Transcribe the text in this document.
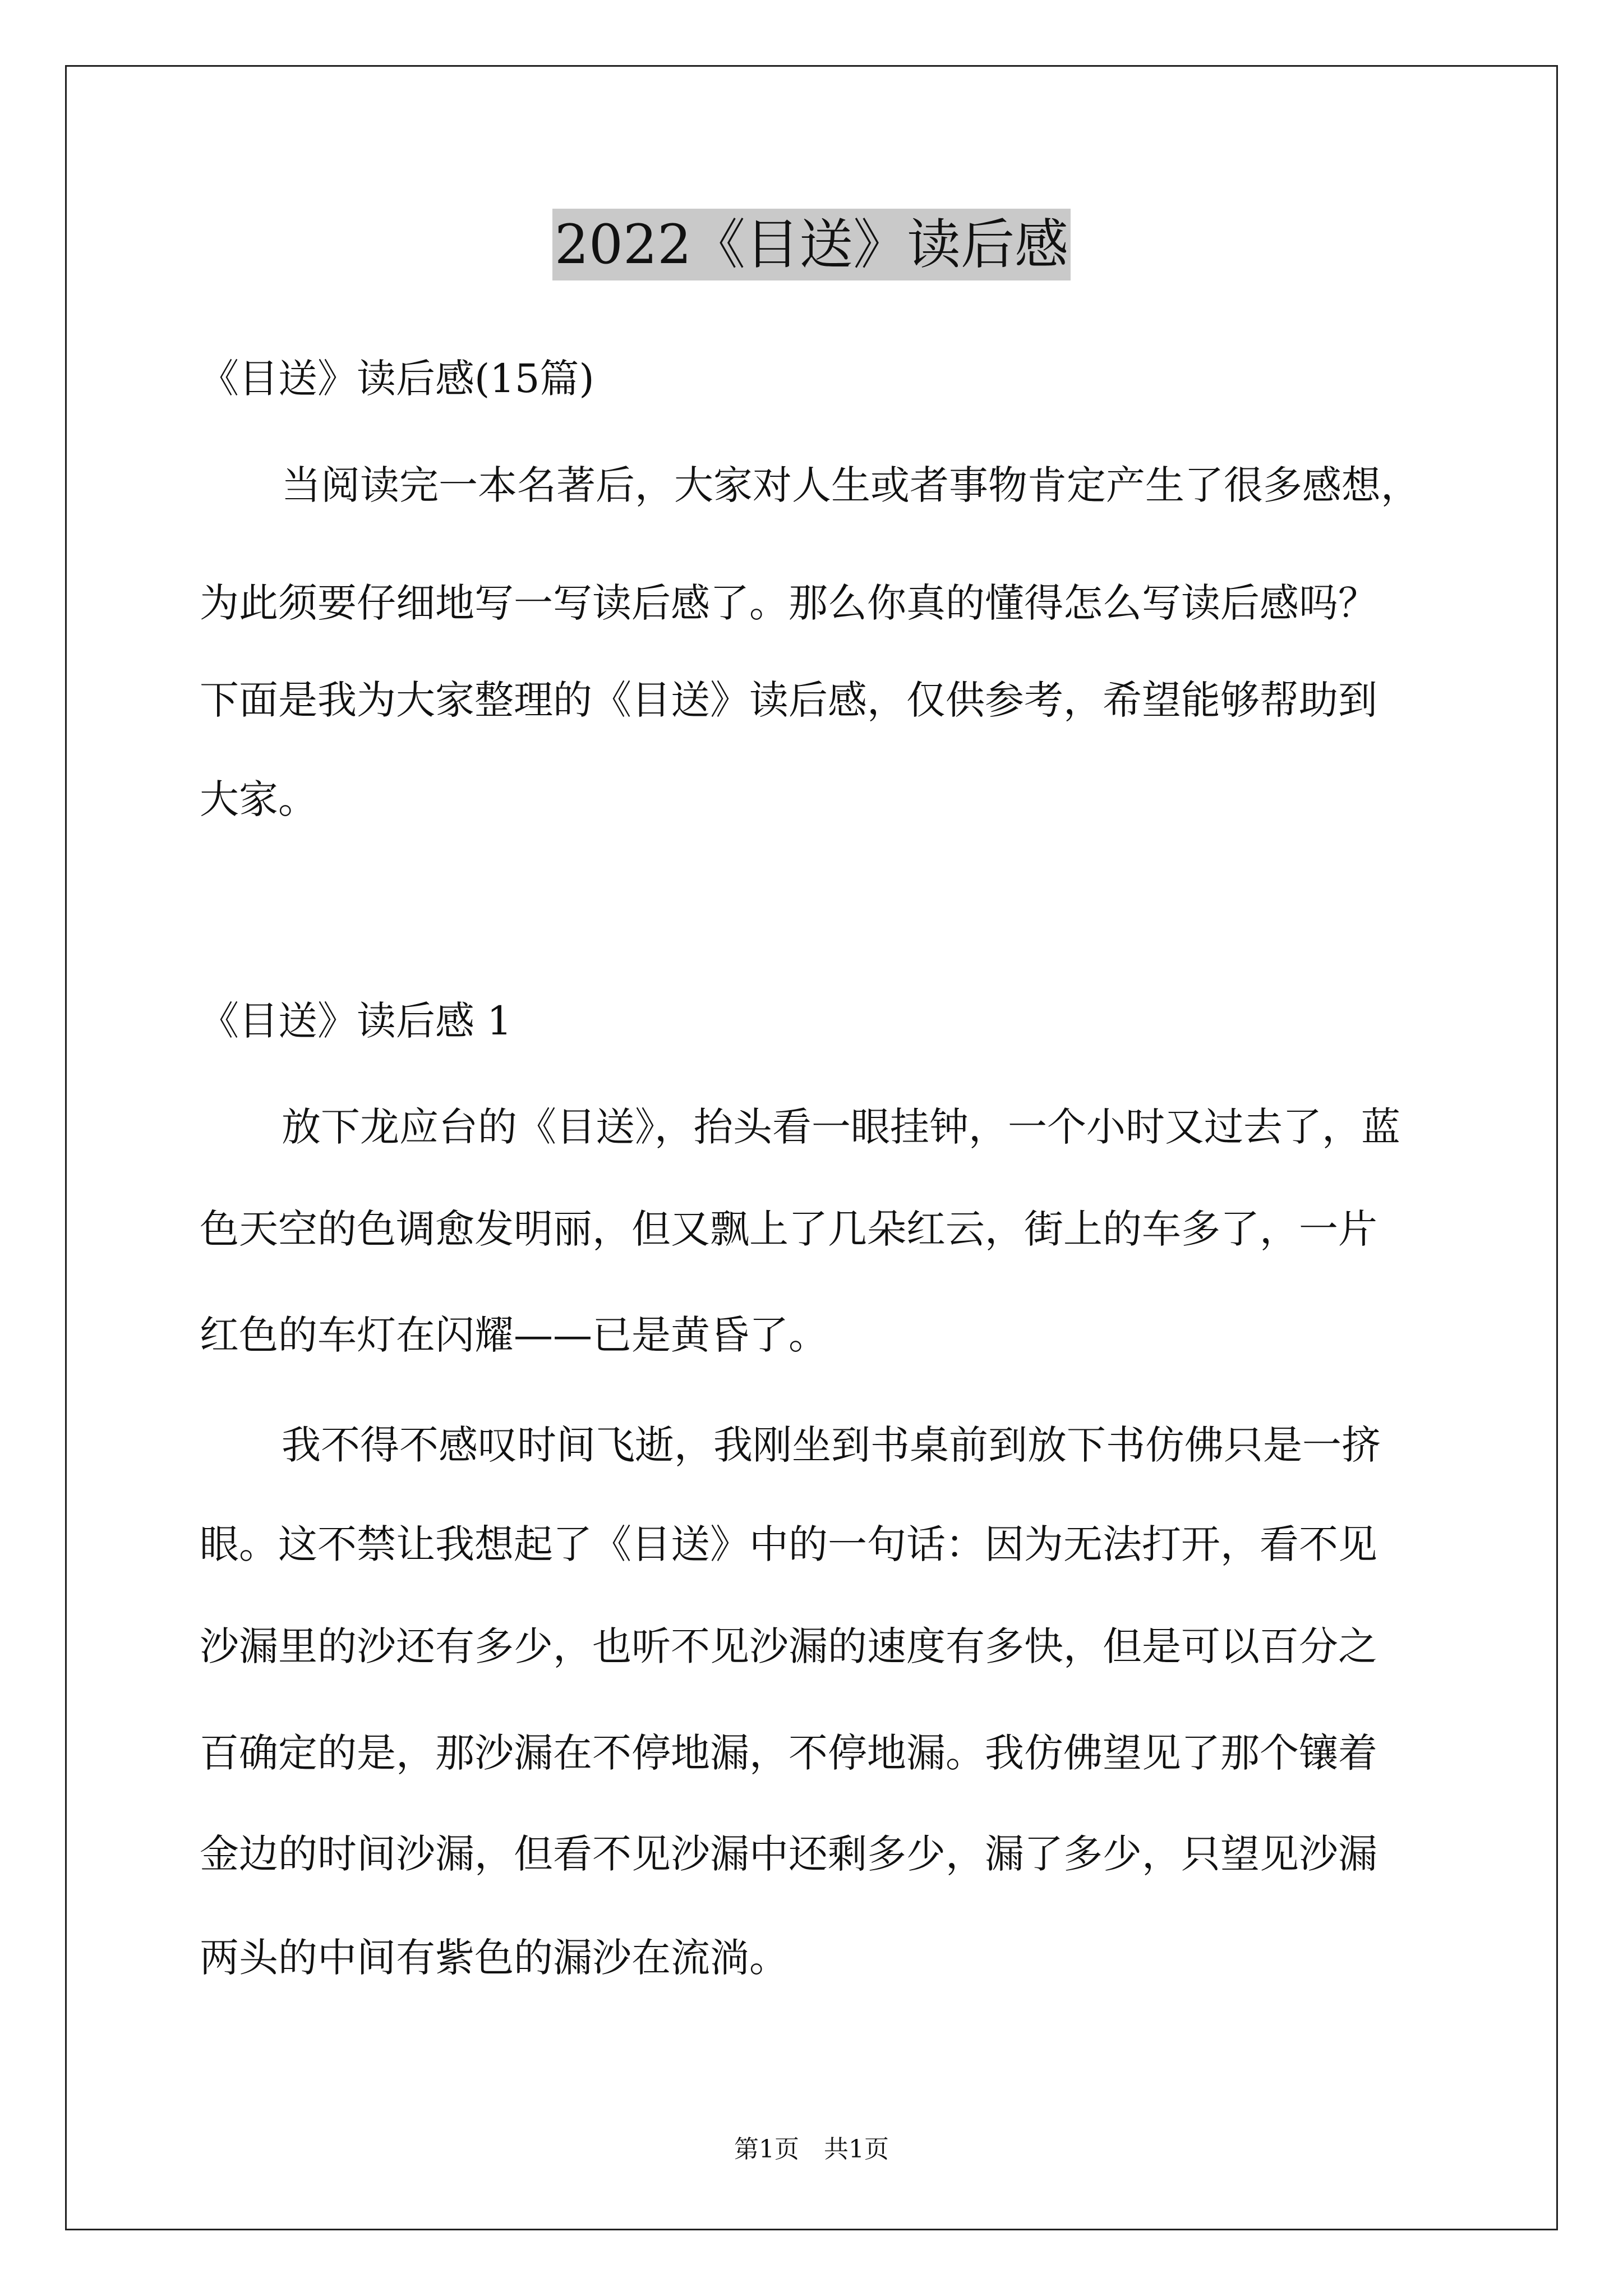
2022《目送》读后感
《目送》读后感(15篇)
当阅读完一本名著后，大家对人生或者事物肯定产生了很多感想，
为此须要仔细地写一写读后感了。那么你真的懂得怎么写读后感吗？
下面是我为大家整理的《目送》读后感，仅供参考，希望能够帮助到
大家。
《目送》读后感 1
放下龙应台的《目送》，抬头看一眼挂钟，一个小时又过去了，蓝
色天空的色调愈发明丽，但又飘上了几朵红云，街上的车多了，一片
红色的车灯在闪耀——已是黄昏了。
我不得不感叹时间飞逝，我刚坐到书桌前到放下书仿佛只是一挤
眼。这不禁让我想起了《目送》中的一句话：因为无法打开，看不见
沙漏里的沙还有多少，也听不见沙漏的速度有多快，但是可以百分之
百确定的是，那沙漏在不停地漏，不停地漏。我仿佛望见了那个镶着
金边的时间沙漏，但看不见沙漏中还剩多少，漏了多少，只望见沙漏
两头的中间有紫色的漏沙在流淌。
第1页　共1页
